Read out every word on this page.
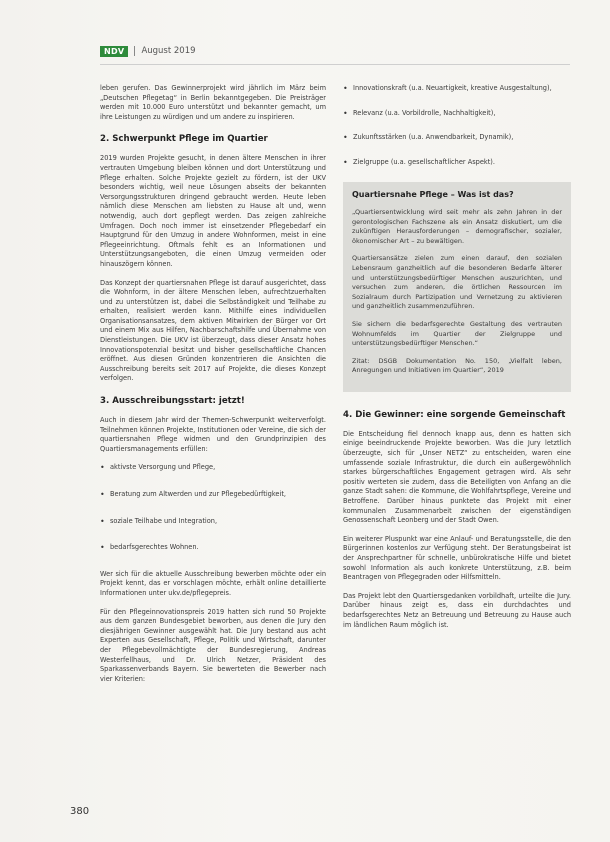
NDV	August 2019

leben gerufen. Das Gewinnerprojekt wird jährlich im März beim „Deutschen Pflegetag“ in Berlin bekanntgegeben. Die Preisträger werden mit 10.000 Euro unterstützt und bekannter gemacht, um ihre Leistungen zu würdigen und um andere zu inspirieren.

2. Schwerpunkt Pflege im Quartier

2019 wurden Projekte gesucht, in denen ältere Menschen in ihrer vertrauten Umgebung bleiben können und dort Unterstützung und Pflege erhalten. Solche Projekte gezielt zu fördern, ist der UKV besonders wichtig, weil neue Lösungen abseits der bekannten Versorgungsstrukturen dringend gebraucht werden. Heute leben nämlich diese Menschen am liebsten zu Hause alt und, wenn notwendig, auch dort gepflegt werden. Das zeigen zahlreiche Umfragen. Doch noch immer ist einsetzender Pflegebedarf ein Hauptgrund für den Umzug in andere Wohnformen, meist in eine Pflegeeinrichtung. Oftmals fehlt es an Informationen und Unterstützungsangeboten, die einen Umzug vermeiden oder hinauszögern können.

Das Konzept der quartiersnahen Pflege ist darauf ausgerichtet, dass die Wohnform, in der ältere Menschen leben, aufrechtzuerhalten und zu unterstützen ist, dabei die Selbständigkeit und Teilhabe zu erhalten, realisiert werden kann. Mithilfe eines individuellen Organisationsansatzes, dem aktiven Mitwirken der Bürger vor Ort und einem Mix aus Hilfen, Nachbarschaftshilfe und Übernahme von Dienstleistungen. Die UKV ist überzeugt, dass dieser Ansatz hohes Innovationspotenzial besitzt und bisher gesellschaftliche Chancen eröffnet. Aus diesen Gründen konzentrieren die Ansichten die Ausschreibung bereits seit 2017 auf Projekte, die dieses Konzept verfolgen.

3. Ausschreibungsstart: jetzt!

Auch in diesem Jahr wird der Themen-Schwerpunkt weiterverfolgt. Teilnehmen können Projekte, Institutionen oder Vereine, die sich der quartiersnahen Pflege widmen und den Grundprinzipien des Quartiersmanagements erfüllen:

• aktivste Versorgung und Pflege,
• Beratung zum Altwerden und zur Pflegebedürftigkeit,
• soziale Teilhabe und Integration,
• bedarfsgerechtes Wohnen.

Wer sich für die aktuelle Ausschreibung bewerben möchte oder ein Projekt kennt, das er vorschlagen möchte, erhält online detaillierte Informationen unter ukv.de/pflegepreis.

Für den Pflegeinnovationspreis 2019 hatten sich rund 50 Projekte aus dem ganzen Bundesgebiet beworben, aus denen die Jury den diesjährigen Gewinner ausgewählt hat. Die Jury bestand aus acht Experten aus Gesellschaft, Pflege, Politik und Wirtschaft, darunter der Pflegebevollmächtigte der Bundesregierung, Andreas Westerfellhaus, und Dr. Ulrich Netzer, Präsident des Sparkassenverbands Bayern. Sie bewerteten die Bewerber nach vier Kriterien:

• Innovationskraft (u.a. Neuartigkeit, kreative Ausgestaltung),
• Relevanz (u.a. Vorbildrolle, Nachhaltigkeit),
• Zukunftsstärken (u.a. Anwendbarkeit, Dynamik),
• Zielgruppe (u.a. gesellschaftlicher Aspekt).
Quartiersnahe Pflege – Was ist das?

„Quartiersentwicklung wird seit mehr als zehn Jahren in der gerontologischen Fachszene als ein Ansatz diskutiert, um die zukünftigen Herausforderungen – demografischer, sozialer, ökonomischer Art – zu bewältigen.

Quartiersansätze zielen zum einen darauf, den sozialen Lebensraum ganzheitlich auf die besonderen Bedarfe älterer und unterstützungsbedürftiger Menschen auszurichten, und versuchen zum anderen, die örtlichen Ressourcen im Sozialraum durch Partizipation und Vernetzung zu aktivieren und ganzheitlich zusammenzuführen.

Sie sichern die bedarfsgerechte Gestaltung des vertrauten Wohnumfelds im Quartier der Zielgruppe und unterstützungsbedürftiger Menschen.“

Zitat: DSGB Dokumentation No. 150, „Vielfalt leben, Anregungen und Initiativen im Quartier“, 2019

4. Die Gewinner: eine sorgende Gemeinschaft

Die Entscheidung fiel dennoch knapp aus, denn es hatten sich einige beeindruckende Projekte beworben. Was die Jury letztlich überzeugte, sich für „Unser NETZ“ zu entscheiden, waren eine umfassende soziale Infrastruktur, die durch ein außergewöhnlich starkes bürgerschaftliches Engagement getragen wird. Als sehr positiv werteten sie zudem, dass die Beteiligten von Anfang an die ganze Stadt sahen: die Kommune, die Wohlfahrtspflege, Vereine und Betroffene. Darüber hinaus punktete das Projekt mit einer kommunalen Zusammenarbeit zwischen der eigenständigen Genossenschaft Leonberg und der Stadt Owen.

Ein weiterer Pluspunkt war eine Anlauf- und Beratungsstelle, die den Bürgerinnen kostenlos zur Verfügung steht. Der Beratungsbeirat ist der Ansprechpartner für schnelle, unbürokratische Hilfe und bietet sowohl Information als auch konkrete Unterstützung, z.B. beim Beantragen von Pflegegraden oder Hilfsmitteln.

Das Projekt lebt den Quartiersgedanken vorbildhaft, urteilte die Jury. Darüber hinaus zeigt es, dass ein durchdachtes und bedarfsgerechtes Netz an Betreuung und Betreuung zu Hause auch im ländlichen Raum möglich ist.

380
